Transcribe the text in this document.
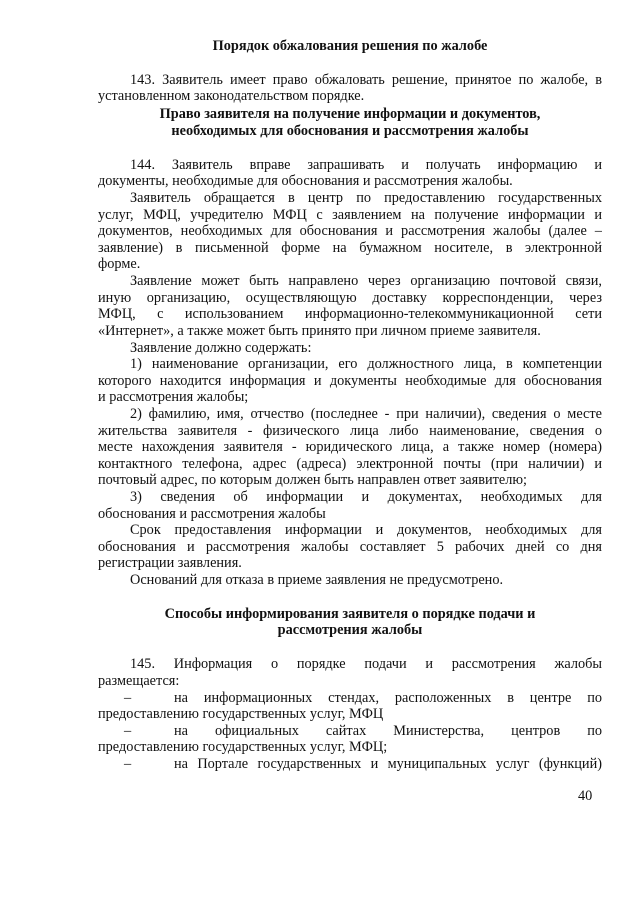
Порядок обжалования решения по жалобе
143. Заявитель имеет право обжаловать решение, принятое по жалобе, в
установленном законодательством порядке.
Право заявителя на получение информации и документов,
необходимых для обоснования и рассмотрения жалобы
144. Заявитель вправе запрашивать и получать информацию и
документы, необходимые для обоснования и рассмотрения жалобы.
Заявитель обращается в центр по предоставлению государственных
услуг, МФЦ, учредителю МФЦ с заявлением на получение информации и
документов, необходимых для обоснования и рассмотрения жалобы (далее –
заявление) в письменной форме на бумажном носителе, в электронной
форме.
Заявление может быть направлено через организацию почтовой связи,
иную организацию, осуществляющую доставку корреспонденции, через
МФЦ, с использованием информационно-телекоммуникационной сети
«Интернет», а также может быть принято при личном приеме заявителя.
Заявление должно содержать:
1) наименование организации, его должностного лица, в компетенции
которого находится информация и документы необходимые для обоснования
и рассмотрения жалобы;
2) фамилию, имя, отчество (последнее - при наличии), сведения о месте
жительства заявителя - физического лица либо наименование, сведения о
месте нахождения заявителя - юридического лица, а также номер (номера)
контактного телефона, адрес (адреса) электронной почты (при наличии) и
почтовый адрес, по которым должен быть направлен ответ заявителю;
3) сведения об информации и документах, необходимых для
обоснования и рассмотрения жалобы
Срок предоставления информации и документов, необходимых для
обоснования и рассмотрения жалобы составляет 5 рабочих дней со дня
регистрации заявления.
Оснований для отказа в приеме заявления не предусмотрено.
Способы информирования заявителя о порядке подачи и
рассмотрения жалобы
145. Информация о порядке подачи и рассмотрения жалобы
размещается:
–	на информационных стендах, расположенных в центре по
предоставлению государственных услуг, МФЦ
–	на официальных сайтах Министерства, центров по
предоставлению государственных услуг, МФЦ;
–	на Портале государственных и муниципальных услуг (функций)
40
